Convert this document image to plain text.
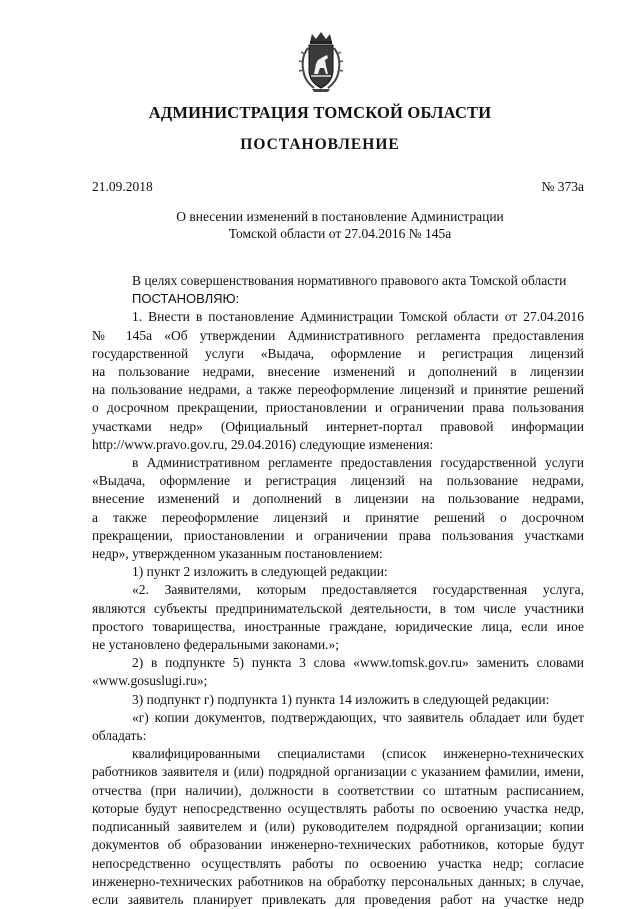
АДМИНИСТРАЦИЯ ТОМСКОЙ ОБЛАСТИ
ПОСТАНОВЛЕНИЕ
21.09.2018	№ 373а
О внесении изменений в постановление Администрации
Томской области от 27.04.2016 № 145а
В целях совершенствования нормативного правового акта Томской области
ПОСТАНОВЛЯЮ:
1. Внести в постановление Администрации Томской области от 27.04.2016
№ 145а «Об утверждении Административного регламента предоставления
государственной услуги «Выдача, оформление и регистрация лицензий
на пользование недрами, внесение изменений и дополнений в лицензии
на пользование недрами, а также переоформление лицензий и принятие решений
о досрочном прекращении, приостановлении и ограничении права пользования
участками недр» (Официальный интернет-портал правовой информации
http://www.pravo.gov.ru, 29.04.2016) следующие изменения:
в Административном регламенте предоставления государственной услуги
«Выдача, оформление и регистрация лицензий на пользование недрами,
внесение изменений и дополнений в лицензии на пользование недрами,
а также переоформление лицензий и принятие решений о досрочном
прекращении, приостановлении и ограничении права пользования участками
недр», утвержденном указанным постановлением:
1) пункт 2 изложить в следующей редакции:
«2. Заявителями, которым предоставляется государственная услуга,
являются субъекты предпринимательской деятельности, в том числе участники
простого товарищества, иностранные граждане, юридические лица, если иное
не установлено федеральными законами.»;
2) в подпункте 5) пункта 3 слова «www.tomsk.gov.ru» заменить словами
«www.gosuslugi.ru»;
3) подпункт г) подпункта 1) пункта 14 изложить в следующей редакции:
«г) копии документов, подтверждающих, что заявитель обладает или будет
обладать:
квалифицированными специалистами (список инженерно-технических
работников заявителя и (или) подрядной организации с указанием фамилии, имени,
отчества (при наличии), должности в соответствии со штатным расписанием,
которые будут непосредственно осуществлять работы по освоению участка недр,
подписанный заявителем и (или) руководителем подрядной организации; копии
документов об образовании инженерно-технических работников, которые будут
непосредственно осуществлять работы по освоению участка недр; согласие
инженерно-технических работников на обработку персональных данных; в случае,
если заявитель планирует привлекать для проведения работ на участке недр
